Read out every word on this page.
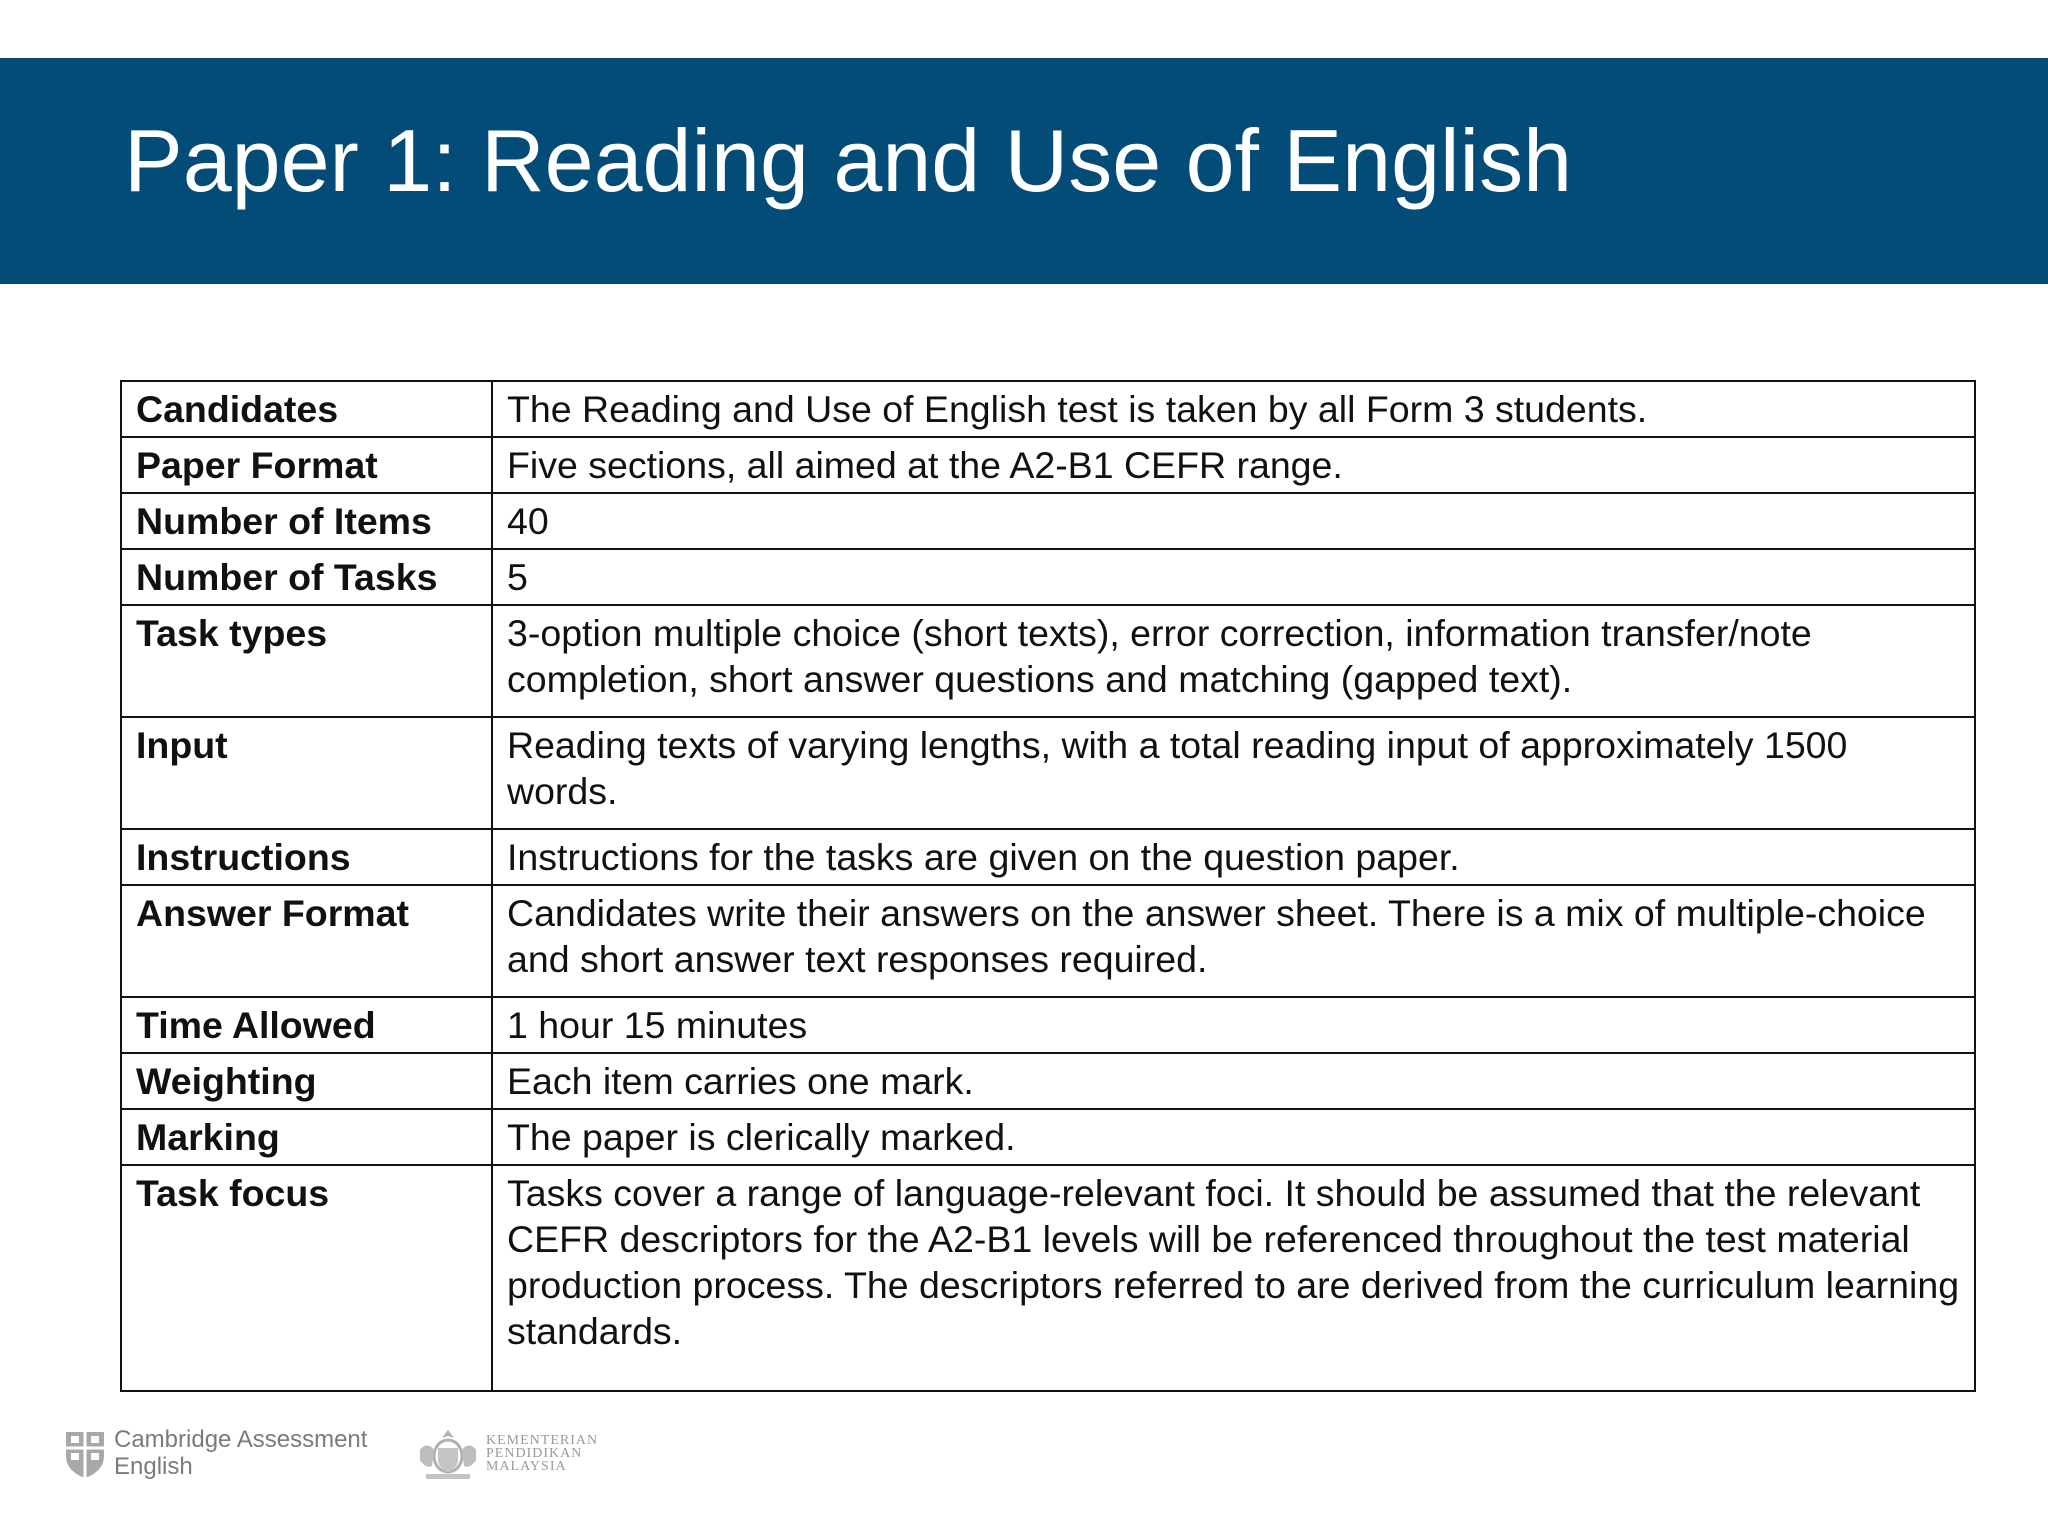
Paper 1: Reading and Use of English
Candidates	The Reading and Use of English test is taken by all Form 3 students.
Paper Format	Five sections, all aimed at the A2-B1 CEFR range.
Number of Items	40
Number of Tasks	5
Task types	3-option multiple choice (short texts), error correction, information transfer/note completion, short answer questions and matching (gapped text).
Input	Reading texts of varying lengths, with a total reading input of approximately 1500 words.
Instructions	Instructions for the tasks are given on the question paper.
Answer Format	Candidates write their answers on the answer sheet. There is a mix of multiple-choice and short answer text responses required.
Time Allowed	1 hour 15 minutes
Weighting	Each item carries one mark.
Marking	The paper is clerically marked.
Task focus	Tasks cover a range of language-relevant foci. It should be assumed that the relevant CEFR descriptors for the A2-B1 levels will be referenced throughout the test material production process. The descriptors referred to are derived from the curriculum learning standards.
Cambridge Assessment
English
KEMENTERIAN
PENDIDIKAN
MALAYSIA
